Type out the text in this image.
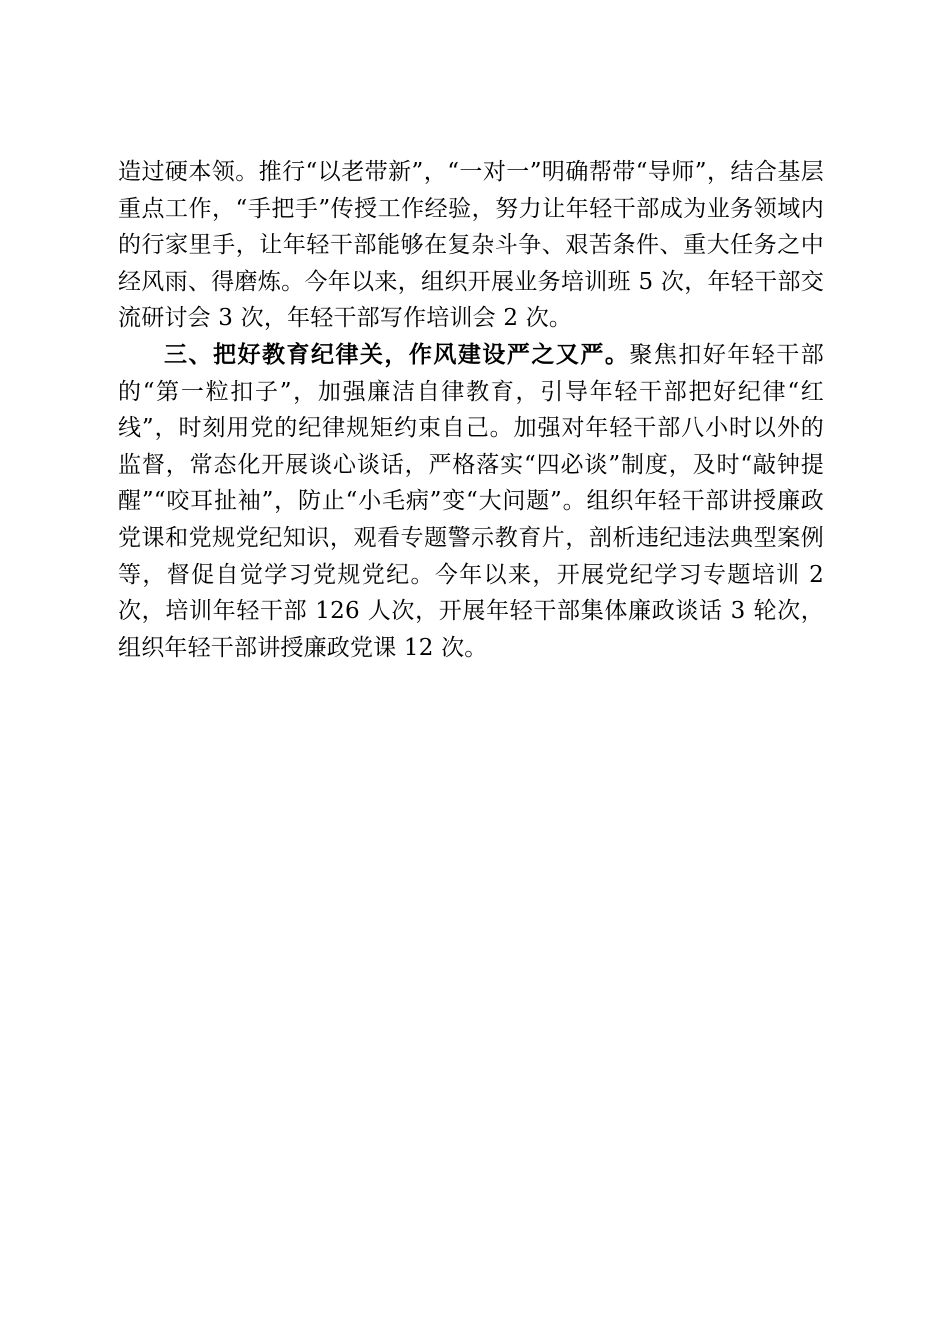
造过硬本领。推行“以老带新”，“一对一”明确帮带“导师”，结合基层重点工作，“手把手”传授工作经验，努力让年轻干部成为业务领域内的行家里手，让年轻干部能够在复杂斗争、艰苦条件、重大任务之中经风雨、得磨炼。今年以来，组织开展业务培训班 5 次，年轻干部交流研讨会 3 次，年轻干部写作培训会 2 次。

三、把好教育纪律关，作风建设严之又严。聚焦扣好年轻干部的“第一粒扣子”，加强廉洁自律教育，引导年轻干部把好纪律“红线”，时刻用党的纪律规矩约束自己。加强对年轻干部八小时以外的监督，常态化开展谈心谈话，严格落实“四必谈”制度，及时“敲钟提醒”“咬耳扯袖”，防止“小毛病”变“大问题”。组织年轻干部讲授廉政党课和党规党纪知识，观看专题警示教育片，剖析违纪违法典型案例等，督促自觉学习党规党纪。今年以来，开展党纪学习专题培训 2 次，培训年轻干部 126 人次，开展年轻干部集体廉政谈话 3 轮次，组织年轻干部讲授廉政党课 12 次。
